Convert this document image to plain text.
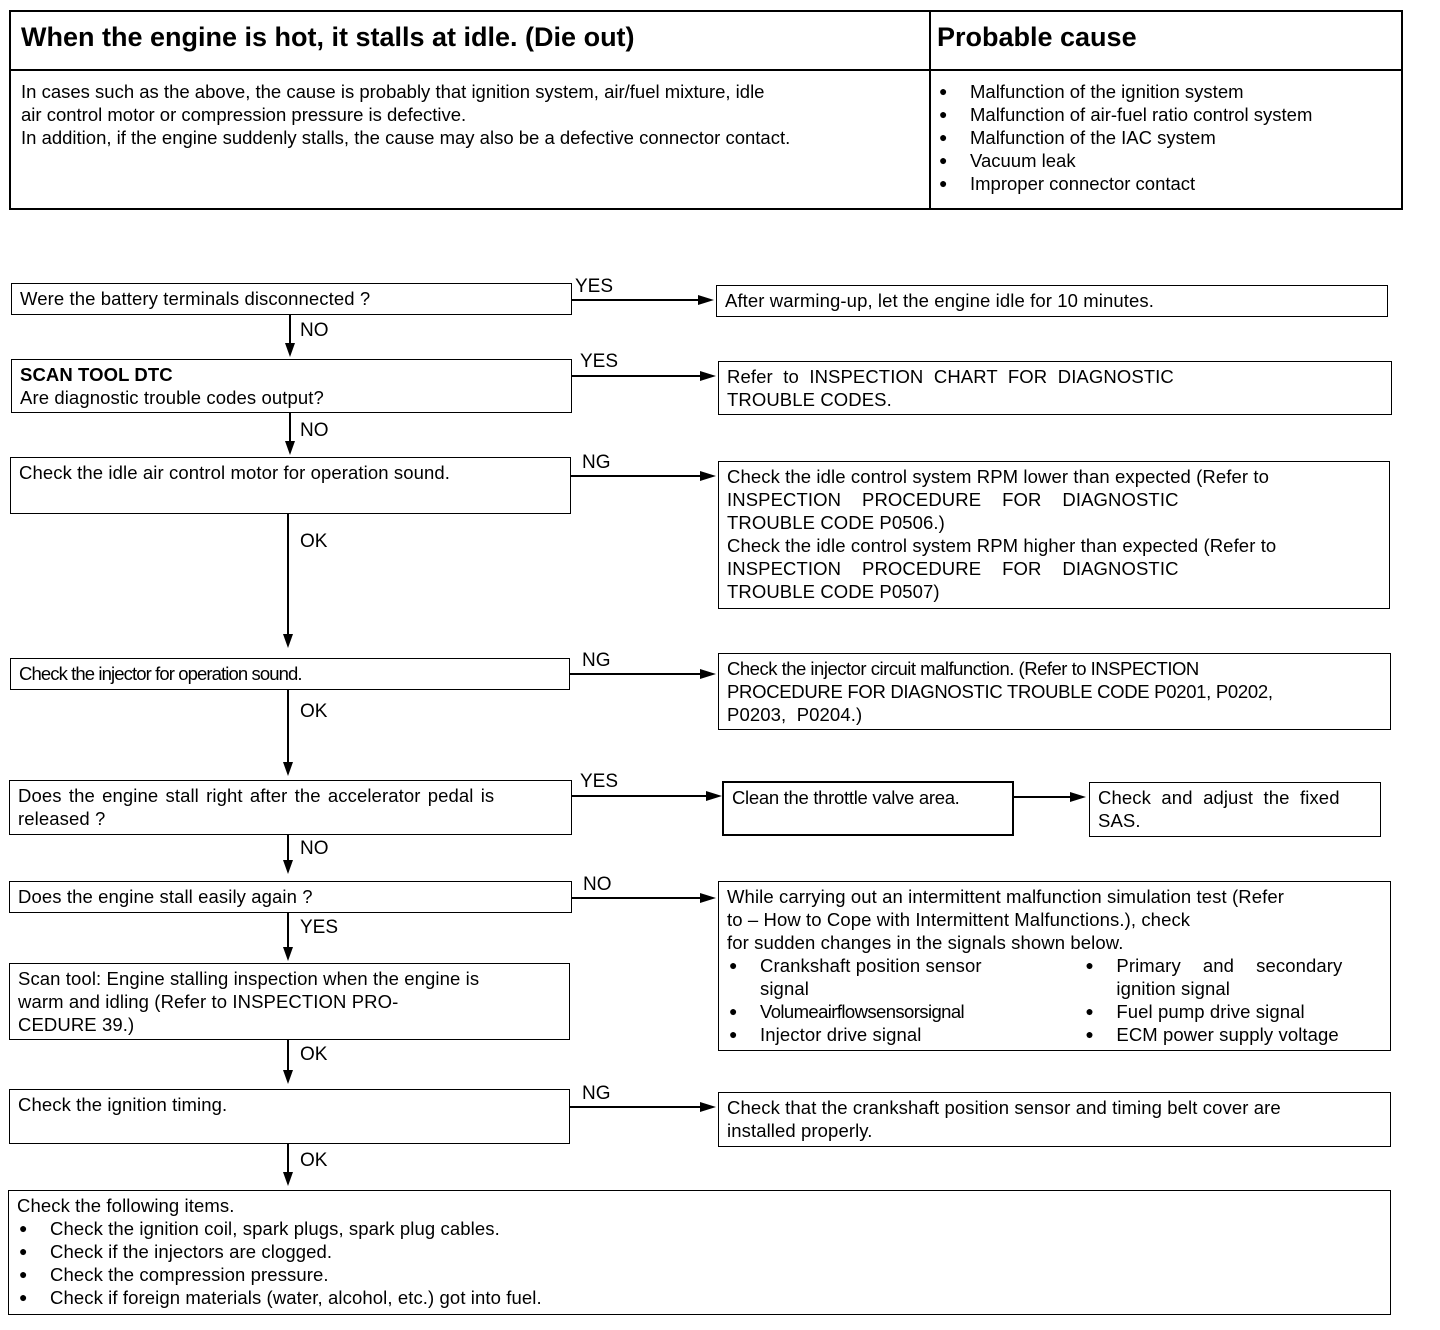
When the engine is hot, it stalls at idle. (Die out)	Probable cause
In cases such as the above, the cause is probably that ignition system, air/fuel mixture, idle
air control motor or compression pressure is defective.
In addition, if the engine suddenly stalls, the cause may also be a defective connector contact.
● Malfunction of the ignition system
● Malfunction of air-fuel ratio control system
● Malfunction of the IAC system
● Vacuum leak
● Improper connector contact
Were the battery terminals disconnected ?
YES
After warming-up, let the engine idle for 10 minutes.
NO
SCAN TOOL DTC
Are diagnostic trouble codes output?
YES
Refer  to  INSPECTION  CHART  FOR  DIAGNOSTIC
TROUBLE CODES.
NO
Check the idle air control motor for operation sound.	NG
Check the idle control system RPM lower than expected (Refer to
INSPECTION    PROCEDURE    FOR    DIAGNOSTIC
TROUBLE CODE P0506.)
Check the idle control system RPM higher than expected (Refer to
INSPECTION    PROCEDURE    FOR    DIAGNOSTIC
TROUBLE CODE P0507)
OK
Check the injector for operation sound.
NG	Check the injector circuit malfunction. (Refer to INSPECTION
PROCEDURE FOR DIAGNOSTIC TROUBLE CODE P0201, P0202,
P0203,  P0204.)
OK
Does the engine stall right after the accelerator pedal is
released ?
YES
Clean the throttle valve area.	Check  and  adjust  the  fixed
SAS.
NO
Does the engine stall easily again ?
NO
While carrying out an intermittent malfunction simulation test (Refer
to – How to Cope with Intermittent Malfunctions.), check
for sudden changes in the signals shown below.
● Crankshaft position sensor signal
● Volumeairflowsensorsignal
● Injector drive signal
● Primary and secondary ignition signal
● Fuel pump drive signal
● ECM power supply voltage
YES
Scan tool: Engine stalling inspection when the engine is
warm and idling (Refer to INSPECTION PRO-
CEDURE 39.)
OK
Check the ignition timing.
NG
Check that the crankshaft position sensor and timing belt cover are
installed properly.
OK
Check the following items.
● Check the ignition coil, spark plugs, spark plug cables.
● Check if the injectors are clogged.
● Check the compression pressure.
● Check if foreign materials (water, alcohol, etc.) got into fuel.
